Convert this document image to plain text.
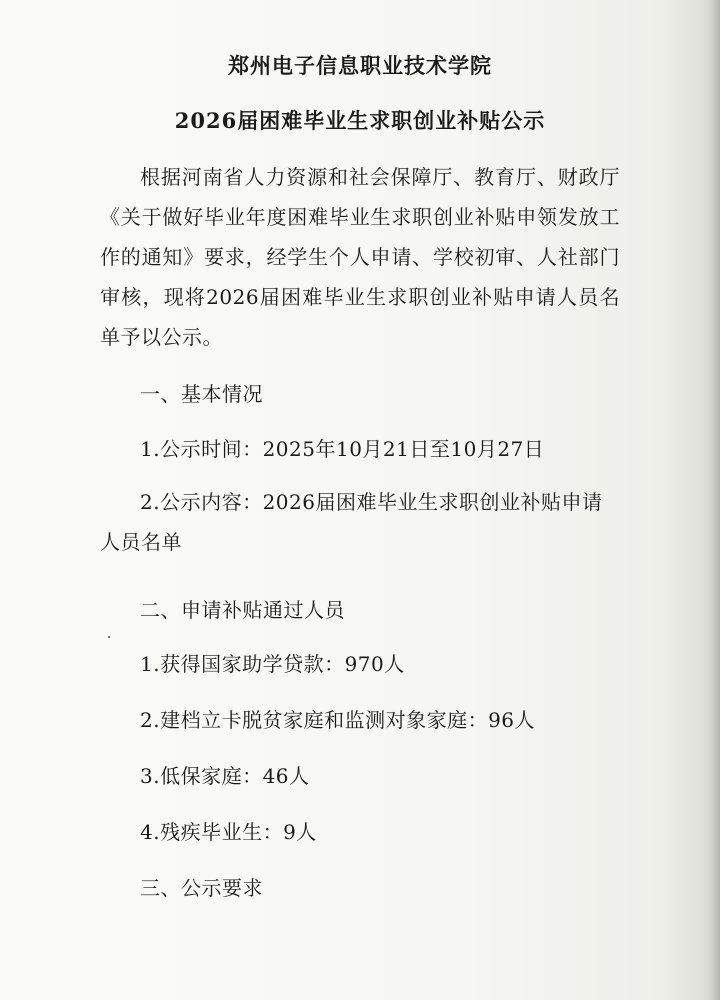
郑州电子信息职业技术学院
2026届困难毕业生求职创业补贴公示
根据河南省人力资源和社会保障厅、教育厅、财政厅《关于做好毕业年度困难毕业生求职创业补贴申领发放工作的通知》要求，经学生个人申请、学校初审、人社部门审核，现将2026届困难毕业生求职创业补贴申请人员名单予以公示。
一、基本情况
1.公示时间：2025年10月21日至10月27日
2.公示内容：2026届困难毕业生求职创业补贴申请人员名单
二、申请补贴通过人员
1.获得国家助学贷款：970人
2.建档立卡脱贫家庭和监测对象家庭：96人
3.低保家庭：46人
4.残疾毕业生：9人
三、公示要求
